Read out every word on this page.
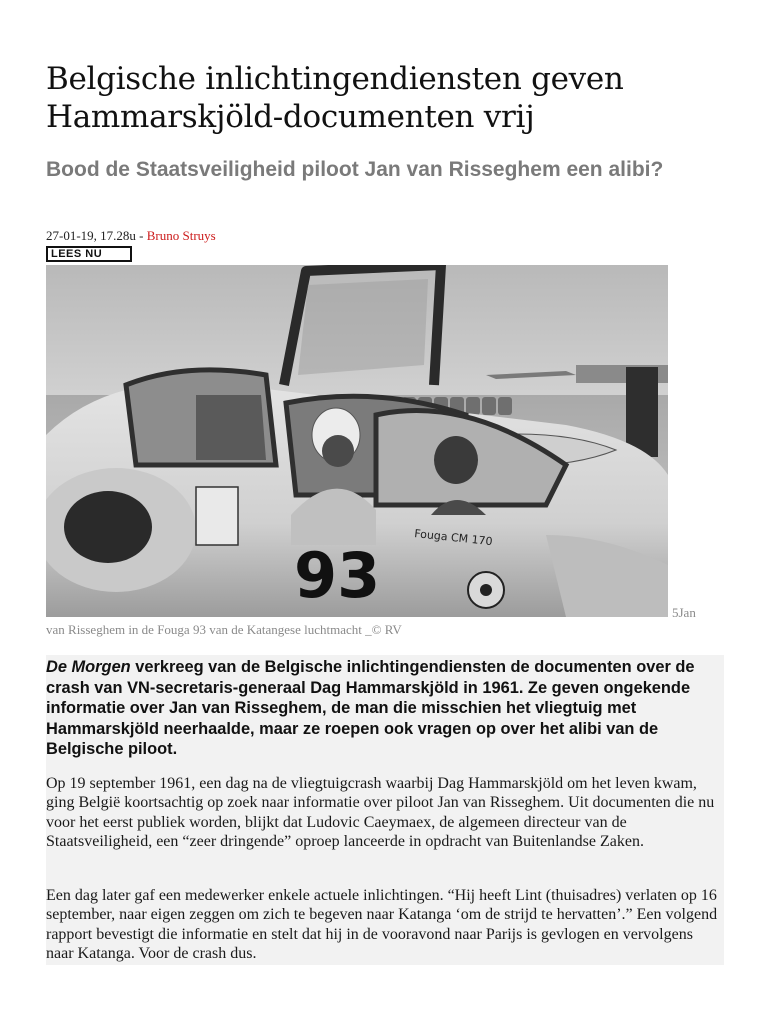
Belgische inlichtingendiensten geven Hammarskjöld-documenten vrij
Bood de Staatsveiligheid piloot Jan van Risseghem een alibi?
27-01-19, 17.28u - Bruno Struys
LEES NU
93
Fouga CM 170
5Jan
van Risseghem in de Fouga 93 van de Katangese luchtmacht _© RV

De Morgen verkreeg van de Belgische inlichtingendiensten de documenten over de crash van VN-secretaris-generaal Dag Hammarskjöld in 1961. Ze geven ongekende informatie over Jan van Risseghem, de man die misschien het vliegtuig met Hammarskjöld neerhaalde, maar ze roepen ook vragen op over het alibi van de Belgische piloot.

Op 19 september 1961, een dag na de vliegtuigcrash waarbij Dag Hammarskjöld om het leven kwam, ging België koortsachtig op zoek naar informatie over piloot Jan van Risseghem. Uit documenten die nu voor het eerst publiek worden, blijkt dat Ludovic Caeymaex, de algemeen directeur van de Staatsveiligheid, een “zeer dringende” oproep lanceerde in opdracht van Buitenlandse Zaken.

Een dag later gaf een medewerker enkele actuele inlichtingen. “Hij heeft Lint (thuisadres) verlaten op 16 september, naar eigen zeggen om zich te begeven naar Katanga ‘om de strijd te hervatten’.” Een volgend rapport bevestigt die informatie en stelt dat hij in de vooravond naar Parijs is gevlogen en vervolgens naar Katanga. Voor de crash dus.
